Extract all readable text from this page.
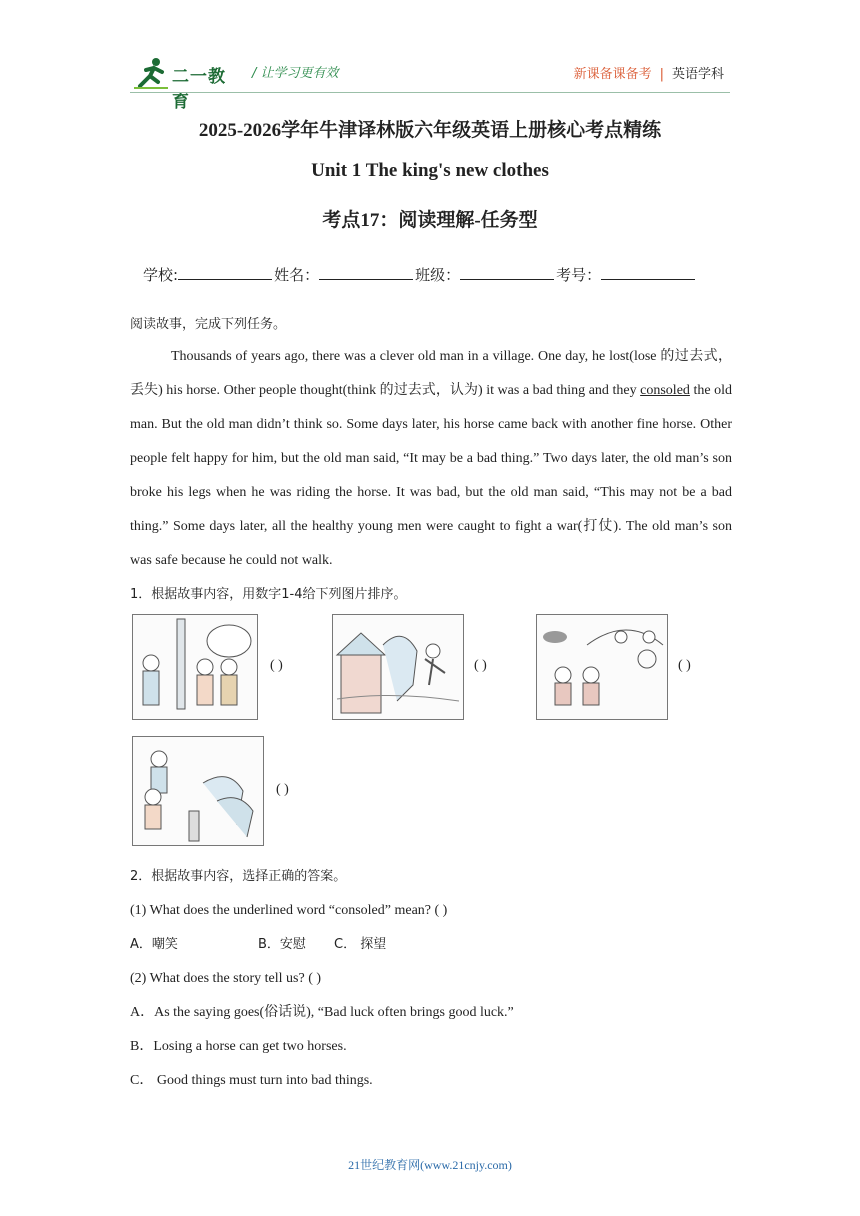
二一教育
/ 让学习更有效	新课备课备考 | 英语学科
2025-2026学年牛津译林版六年级英语上册核心考点精练
Unit 1 The king's new clothes
考点17：阅读理解-任务型
学校:	姓名：	班级：	考号：
阅读故事，完成下列任务。

Thousands of years ago, there was a clever old man in a village. One day, he lost(lose 的过去式，丢失) his horse. Other people thought(think 的过去式，认为) it was a bad thing and they consoled the old man. But the old man didn’t think so. Some days later, his horse came back with another fine horse. Other people felt happy for him, but the old man said, “It may be a bad thing.” Two days later, the old man’s son broke his legs when he was riding the horse. It was bad, but the old man said, “This may not be a bad thing.” Some days later, all the healthy young men were caught to fight a war(打仗). The old man’s son was safe because he could not walk.

1．根据故事内容，用数字1-4给下列图片排序。
( )	( )	( )
( )
2．根据故事内容，选择正确的答案。
(1) What does the underlined word “consoled” mean? ( )
A．嘲笑	B．安慰 C． 探望
(2) What does the story tell us? ( )
A．As the saying goes(俗话说), “Bad luck often brings good luck.”
B．Losing a horse can get two horses.
C． Good things must turn into bad things.
21世纪教育网(www.21cnjy.com)
